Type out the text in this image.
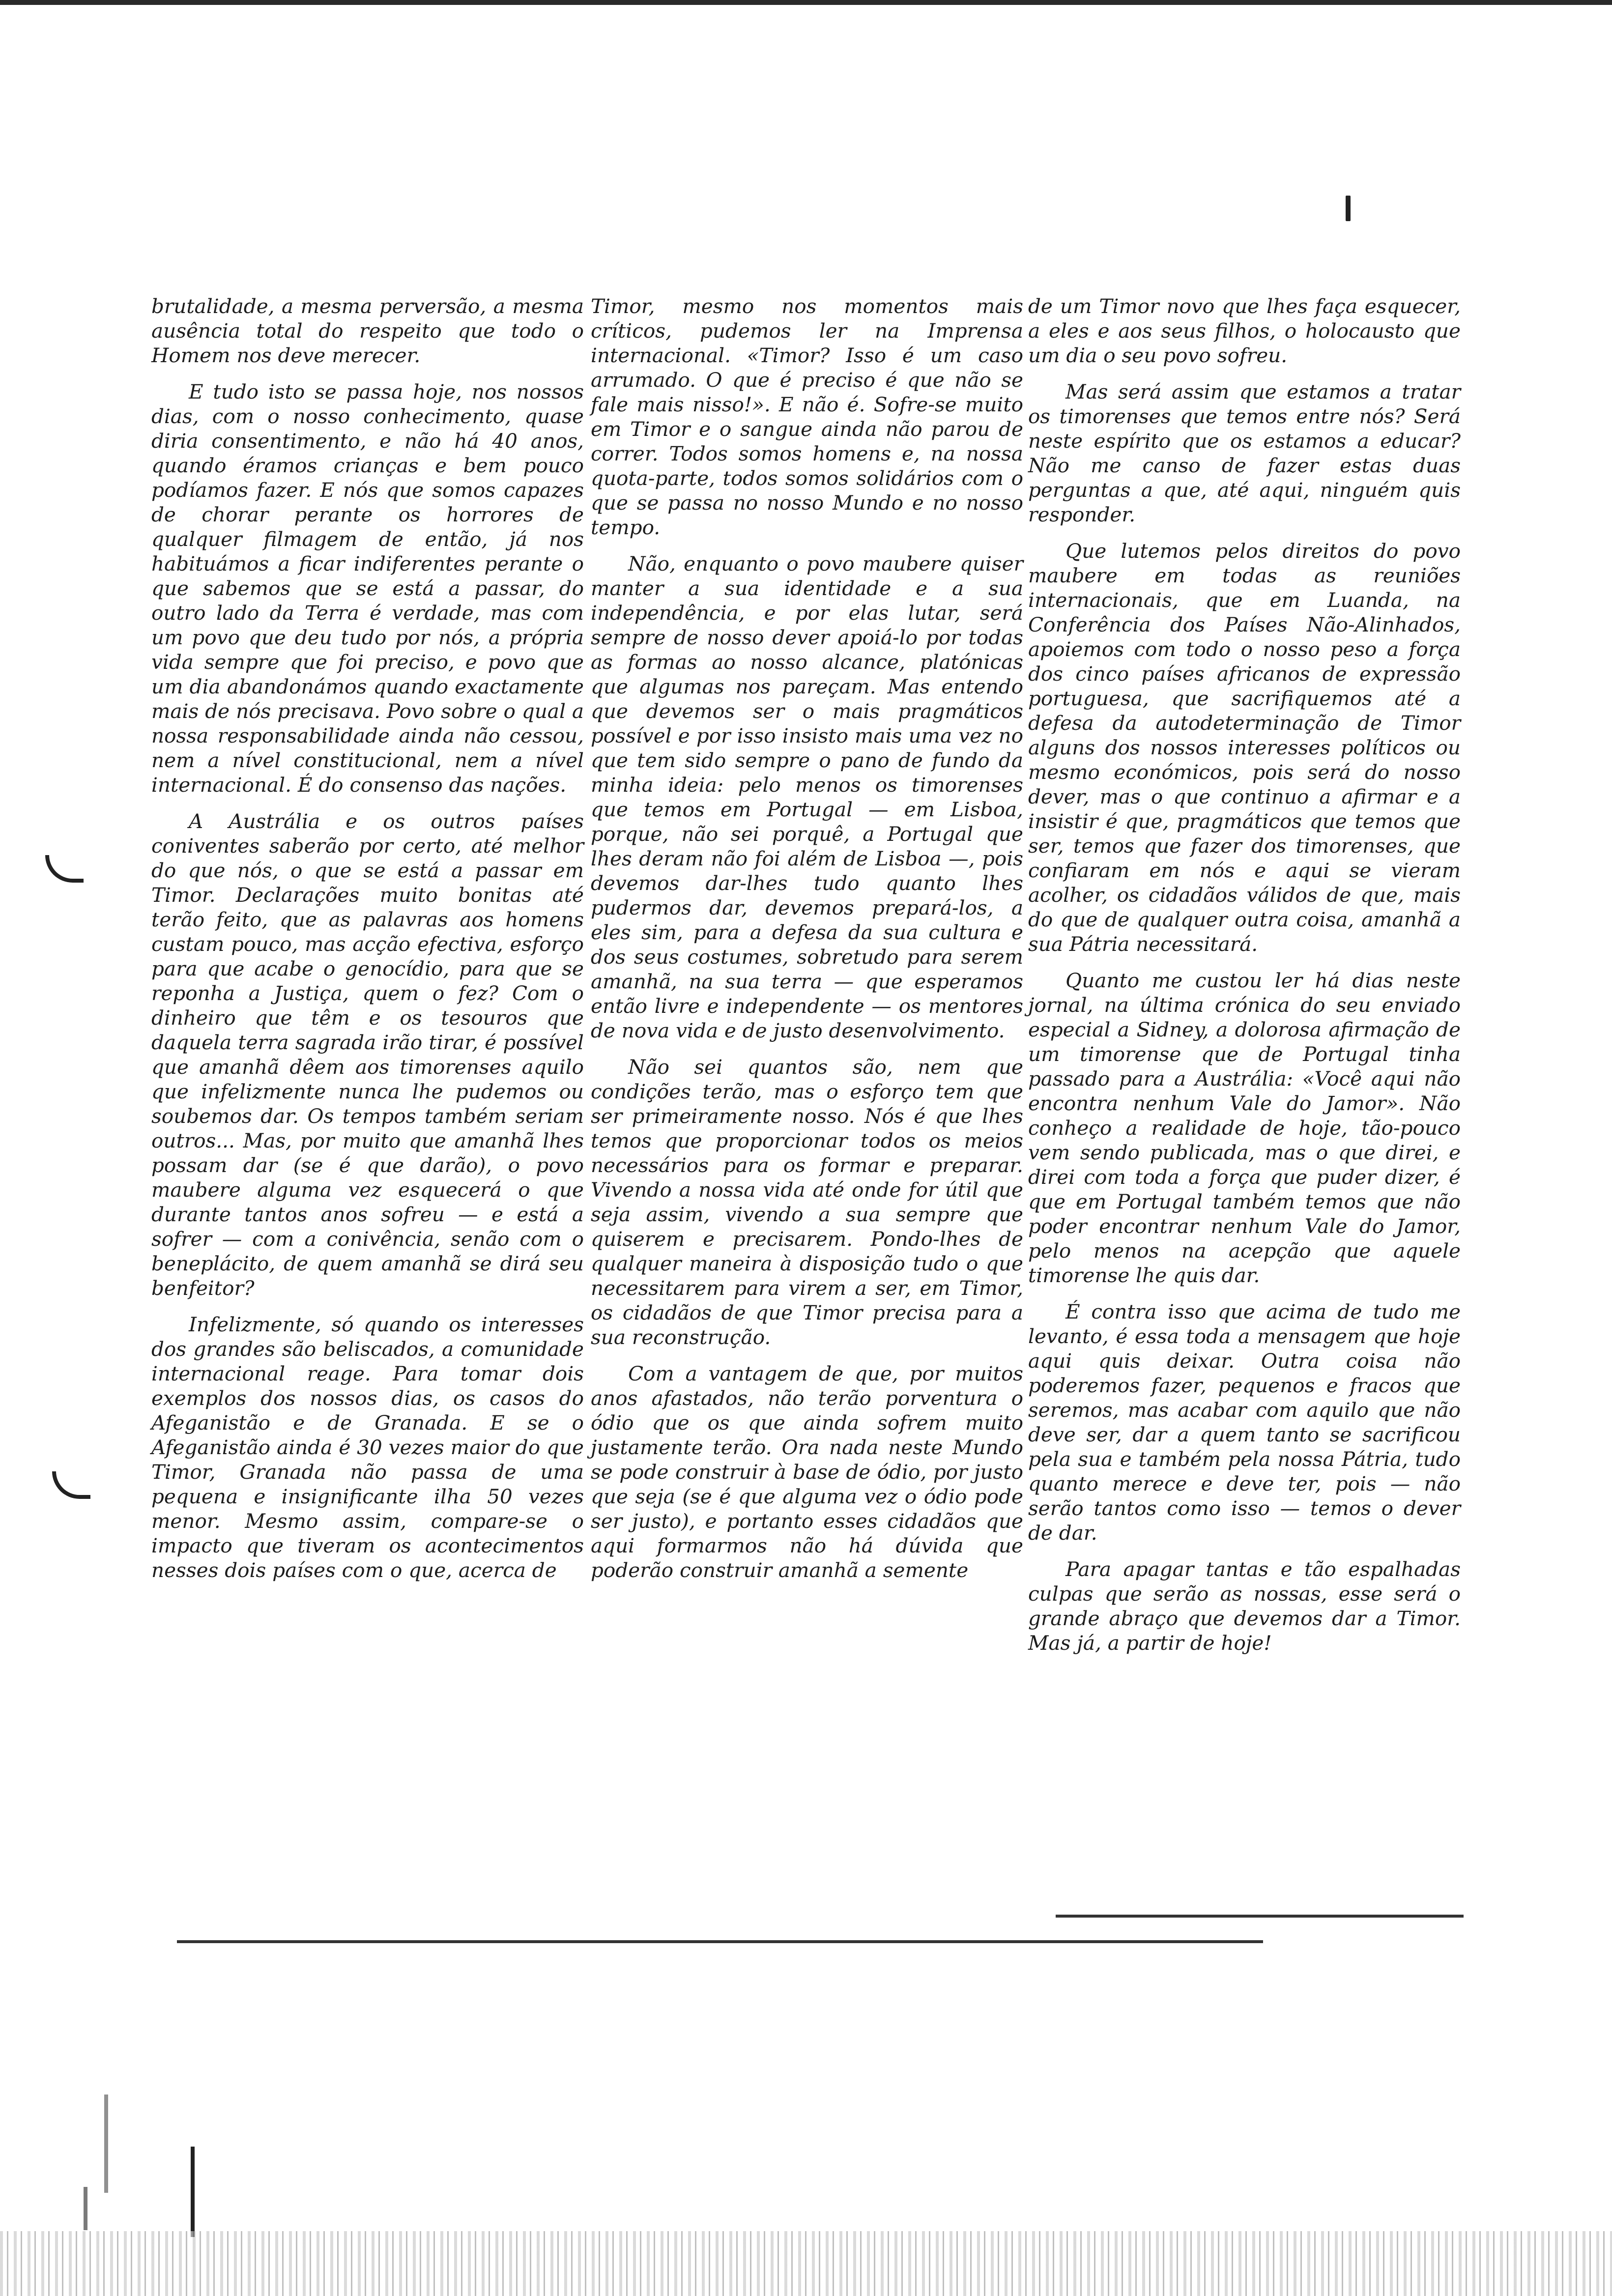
brutalidade, a mesma perversão, a mesma ausência total do respeito que todo o Homem nos deve merecer.

E tudo isto se passa hoje, nos nossos dias, com o nosso conhecimento, quase diria consentimento, e não há 40 anos, quando éramos crianças e bem pouco podíamos fazer. E nós que somos capazes de chorar perante os horrores de qualquer filmagem de então, já nos habituámos a ficar indiferentes perante o que sabemos que se está a passar, do outro lado da Terra é verdade, mas com um povo que deu tudo por nós, a própria vida sempre que foi preciso, e povo que um dia abandonámos quando exactamente mais de nós precisava. Povo sobre o qual a nossa responsabilidade ainda não cessou, nem a nível constitucional, nem a nível internacional. É do consenso das nações.

A Austrália e os outros países coniventes saberão por certo, até melhor do que nós, o que se está a passar em Timor. Declarações muito bonitas até terão feito, que as palavras aos homens custam pouco, mas acção efectiva, esforço para que acabe o genocídio, para que se reponha a Justiça, quem o fez? Com o dinheiro que têm e os tesouros que daquela terra sagrada irão tirar, é possível que amanhã dêem aos timorenses aquilo que infelizmente nunca lhe pudemos ou soubemos dar. Os tempos também seriam outros... Mas, por muito que amanhã lhes possam dar (se é que darão), o povo maubere alguma vez esquecerá o que durante tantos anos sofreu — e está a sofrer — com a conivência, senão com o beneplácito, de quem amanhã se dirá seu benfeitor?

Infelizmente, só quando os interesses dos grandes são beliscados, a comunidade internacional reage. Para tomar dois exemplos dos nossos dias, os casos do Afeganistão e de Granada. E se o Afeganistão ainda é 30 vezes maior do que Timor, Granada não passa de uma pequena e insignificante ilha 50 vezes menor. Mesmo assim, compare-se o impacto que tiveram os acontecimentos nesses dois países com o que, acerca de

Timor, mesmo nos momentos mais críticos, pudemos ler na Imprensa internacional. «Timor? Isso é um caso arrumado. O que é preciso é que não se fale mais nisso!». E não é. Sofre-se muito em Timor e o sangue ainda não parou de correr. Todos somos homens e, na nossa quota-parte, todos somos solidários com o que se passa no nosso Mundo e no nosso tempo.

Não, enquanto o povo maubere quiser manter a sua identidade e a sua independência, e por elas lutar, será sempre de nosso dever apoiá-lo por todas as formas ao nosso alcance, platónicas que algumas nos pareçam. Mas entendo que devemos ser o mais pragmáticos possível e por isso insisto mais uma vez no que tem sido sempre o pano de fundo da minha ideia: pelo menos os timorenses que temos em Portugal — em Lisboa, porque, não sei porquê, a Portugal que lhes deram não foi além de Lisboa —, pois devemos dar-lhes tudo quanto lhes pudermos dar, devemos prepará-los, a eles sim, para a defesa da sua cultura e dos seus costumes, sobretudo para serem amanhã, na sua terra — que esperamos então livre e independente — os mentores de nova vida e de justo desenvolvimento.

Não sei quantos são, nem que condições terão, mas o esforço tem que ser primeiramente nosso. Nós é que lhes temos que proporcionar todos os meios necessários para os formar e preparar. Vivendo a nossa vida até onde for útil que seja assim, vivendo a sua sempre que quiserem e precisarem. Pondo-lhes de qualquer maneira à disposição tudo o que necessitarem para virem a ser, em Timor, os cidadãos de que Timor precisa para a sua reconstrução.

Com a vantagem de que, por muitos anos afastados, não terão porventura o ódio que os que ainda sofrem muito justamente terão. Ora nada neste Mundo se pode construir à base de ódio, por justo que seja (se é que alguma vez o ódio pode ser justo), e portanto esses cidadãos que aqui formarmos não há dúvida que poderão construir amanhã a semente

de um Timor novo que lhes faça esquecer, a eles e aos seus filhos, o holocausto que um dia o seu povo sofreu.

Mas será assim que estamos a tratar os timorenses que temos entre nós? Será neste espírito que os estamos a educar? Não me canso de fazer estas duas perguntas a que, até aqui, ninguém quis responder.

Que lutemos pelos direitos do povo maubere em todas as reuniões internacionais, que em Luanda, na Conferência dos Países Não-Alinhados, apoiemos com todo o nosso peso a força dos cinco países africanos de expressão portuguesa, que sacrifiquemos até a defesa da autodeterminação de Timor alguns dos nossos interesses políticos ou mesmo económicos, pois será do nosso dever, mas o que continuo a afirmar e a insistir é que, pragmáticos que temos que ser, temos que fazer dos timorenses, que confiaram em nós e aqui se vieram acolher, os cidadãos válidos de que, mais do que de qualquer outra coisa, amanhã a sua Pátria necessitará.

Quanto me custou ler há dias neste jornal, na última crónica do seu enviado especial a Sidney, a dolorosa afirmação de um timorense que de Portugal tinha passado para a Austrália: «Você aqui não encontra nenhum Vale do Jamor». Não conheço a realidade de hoje, tão-pouco vem sendo publicada, mas o que direi, e direi com toda a força que puder dizer, é que em Portugal também temos que não poder encontrar nenhum Vale do Jamor, pelo menos na acepção que aquele timorense lhe quis dar.

É contra isso que acima de tudo me levanto, é essa toda a mensagem que hoje aqui quis deixar. Outra coisa não poderemos fazer, pequenos e fracos que seremos, mas acabar com aquilo que não deve ser, dar a quem tanto se sacrificou pela sua e também pela nossa Pátria, tudo quanto merece e deve ter, pois — não serão tantos como isso — temos o dever de dar.

Para apagar tantas e tão espalhadas culpas que serão as nossas, esse será o grande abraço que devemos dar a Timor. Mas já, a partir de hoje!
